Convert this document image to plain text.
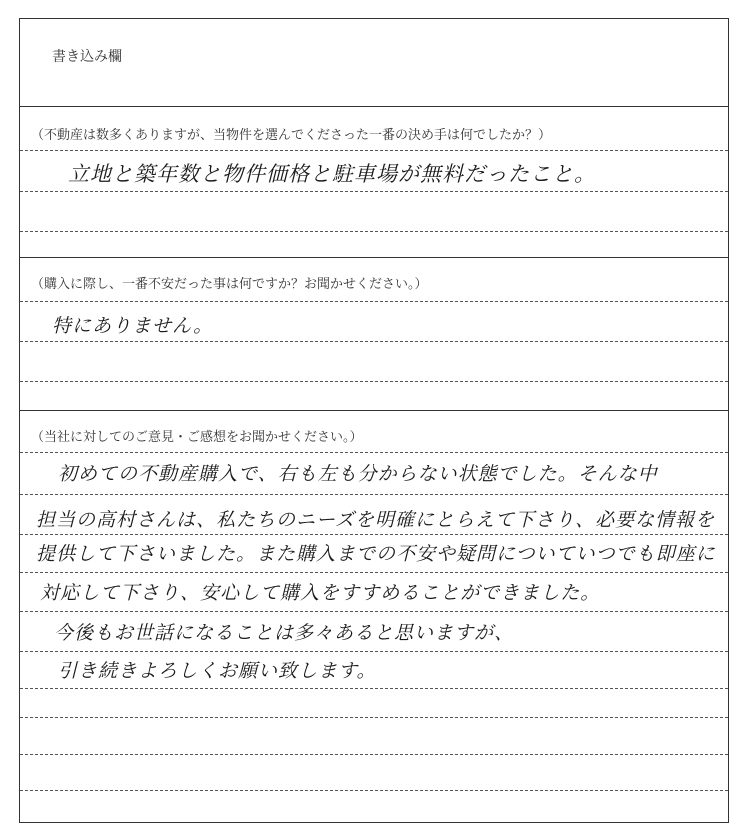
書き込み欄
（不動産は数多くありますが、当物件を選んでくださった一番の決め手は何でしたか？）
立地と築年数と物件価格と駐車場が無料だったこと。
（購入に際し、一番不安だった事は何ですか？お聞かせください。）
特にありません。
（当社に対してのご意見・ご感想をお聞かせください。）
初めての不動産購入で、右も左も分からない状態でした。そんな中
担当の高村さんは、私たちのニーズを明確にとらえて下さり、必要な情報を
提供して下さいました。また購入までの不安や疑問についていつでも即座に
対応して下さり、安心して購入をすすめることができました。
今後もお世話になることは多々あると思いますが、
引き続きよろしくお願い致します。
